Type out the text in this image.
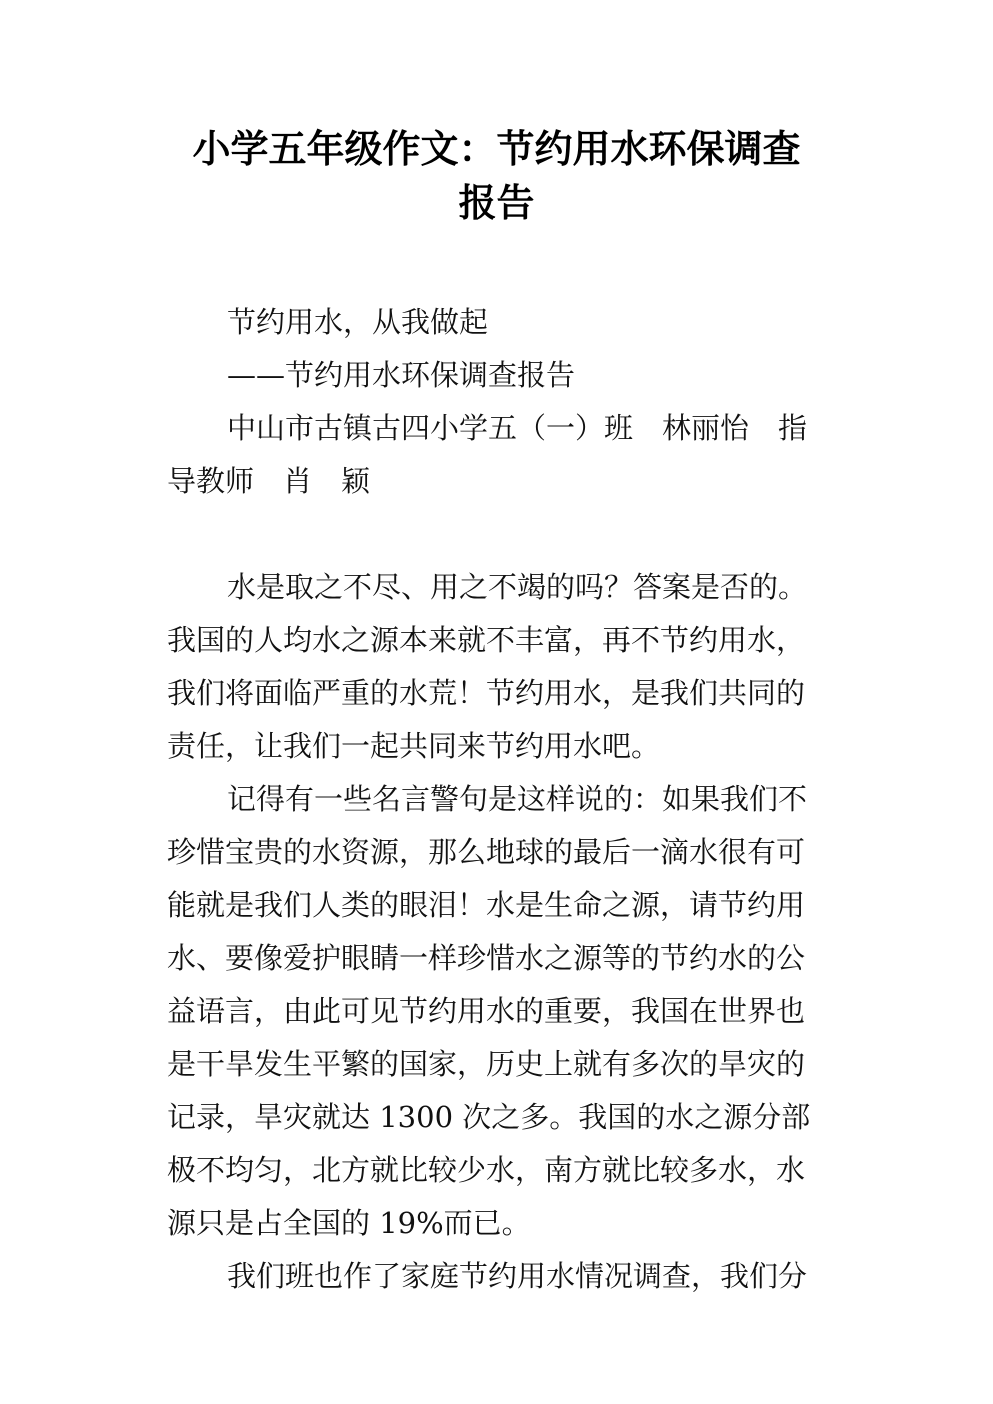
小学五年级作文：节约用水环保调查
报告
节约用水，从我做起
——节约用水环保调查报告
中山市古镇古四小学五（一）班　林丽怡　指
导教师　肖　颖
水是取之不尽、用之不竭的吗？答案是否的。
我国的人均水之源本来就不丰富，再不节约用水，
我们将面临严重的水荒！节约用水，是我们共同的
责任，让我们一起共同来节约用水吧。
记得有一些名言警句是这样说的：如果我们不
珍惜宝贵的水资源，那么地球的最后一滴水很有可
能就是我们人类的眼泪！水是生命之源，请节约用
水、要像爱护眼睛一样珍惜水之源等的节约水的公
益语言，由此可见节约用水的重要，我国在世界也
是干旱发生平繁的国家，历史上就有多次的旱灾的
记录，旱灾就达 1300 次之多。我国的水之源分部
极不均匀，北方就比较少水，南方就比较多水，水
源只是占全国的 19%而已。
我们班也作了家庭节约用水情况调查，我们分
